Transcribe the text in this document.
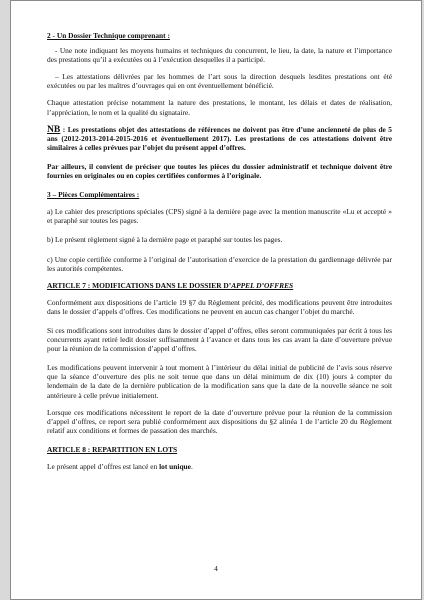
2 - Un Dossier Technique comprenant :

- Une note indiquant les moyens humains et techniques du concurrent, le lieu, la date, la nature et l’importance des prestations qu’il a exécutées ou à l’exécution desquelles il a participé.

– Les attestations délivrées par les hommes de l’art sous la direction desquels lesdites prestations ont été exécutées ou par les maîtres d’ouvrages qui en ont éventuellement bénéficié.

Chaque attestation précise notamment la nature des prestations, le montant, les délais et dates de réalisation, l’appréciation, le nom et la qualité du signataire.

NB : Les prestations objet des attestations de références ne doivent pas être d’une ancienneté de plus de 5 ans (2012-2013-2014-2015-2016 et éventuellement 2017). Les prestations de ces attestations doivent être similaires à celles prévues par l’objet du présent appel d’offres.

Par ailleurs, il convient de préciser que toutes les pièces du dossier administratif et technique doivent être fournies en originales ou en copies certifiées conformes à l’originale.

3 – Pièces Complémentaires :

a) Le cahier des prescriptions spéciales (CPS) signé à la dernière page avec la mention manuscrite «Lu et accepté » et paraphé sur toutes les pages.

b) Le présent règlement signé à la dernière page et paraphé sur toutes les pages.

c) Une copie certifiée conforme à l’original de l’autorisation d’exercice de la prestation du gardiennage délivrée par les autorités compétentes.

ARTICLE 7 : MODIFICATIONS DANS LE DOSSIER D’APPEL D’OFFRES

Conformément aux dispositions de l’article 19 §7 du Règlement précité, des modifications peuvent être introduites dans le dossier d’appels d’offres. Ces modifications ne peuvent en aucun cas changer l’objet du marché.

Si ces modifications sont introduites dans le dossier d’appel d’offres, elles seront communiquées par écrit à tous les concurrents ayant retiré ledit dossier suffisamment à l’avance et dans tous les cas avant la date d’ouverture prévue pour la réunion de la commission d’appel d’offres.

Les modifications peuvent intervenir à tout moment à l’intérieur du délai initial de publicité de l’avis sous réserve que la séance d’ouverture des plis ne soit tenue que dans un délai minimum de dix (10) jours à compter du lendemain de la date de la dernière publication de la modification sans que la date de la nouvelle séance ne soit antérieure à celle prévue initialement.

Lorsque ces modifications nécessitent le report de la date d’ouverture prévue pour la réunion de la commission d’appel d’offres, ce report sera publié conformément aux dispositions du §2 alinéa 1 de l’article 20 du Règlement relatif aux conditions et formes de passation des marchés.

ARTICLE 8 : REPARTITION EN LOTS

Le présent appel d’offres est lancé en lot unique.

4
